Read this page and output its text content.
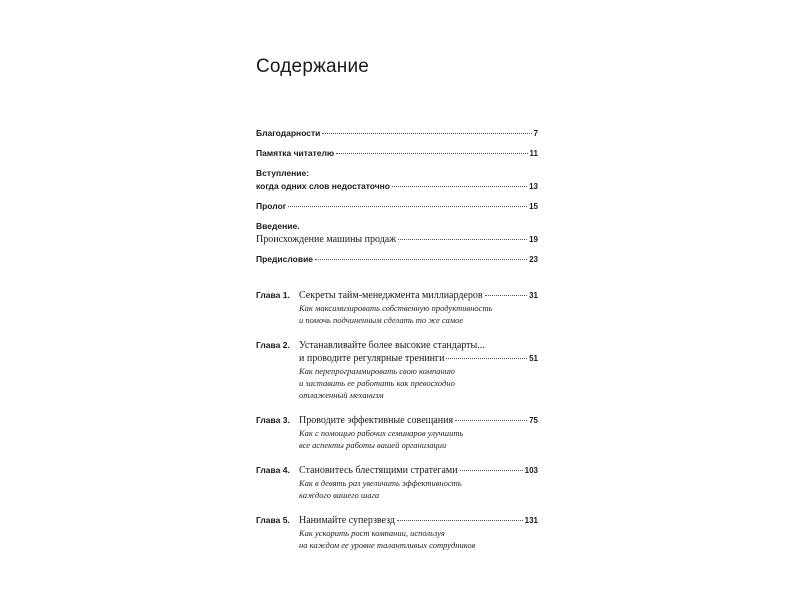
Содержание
Благодарности	7
Памятка читателю	11
Вступление:
когда одних слов недостаточно	13
Пролог	15
Введение.
Происхождение машины продаж	19
Предисловие	23
Глава 1. Секреты тайм-менеджмента миллиардеров	31
Как максимизировать собственную продуктивность
и помочь подчиненным сделать то же самое
Глава 2. Устанавливайте более высокие стандарты...
и проводите регулярные тренинги	51
Как перепрограммировать свою компанию
и заставить ее работать как превосходно
отлаженный механизм
Глава 3. Проводите эффективные совещания	75
Как с помощью рабочих семинаров улучшить
все аспекты работы вашей организации
Глава 4. Становитесь блестящими стратегами	103
Как в девять раз увеличить эффективность
каждого вашего шага
Глава 5. Нанимайте суперзвезд	131
Как ускорить рост компании, используя
на каждом ее уровне талантливых сотрудников
